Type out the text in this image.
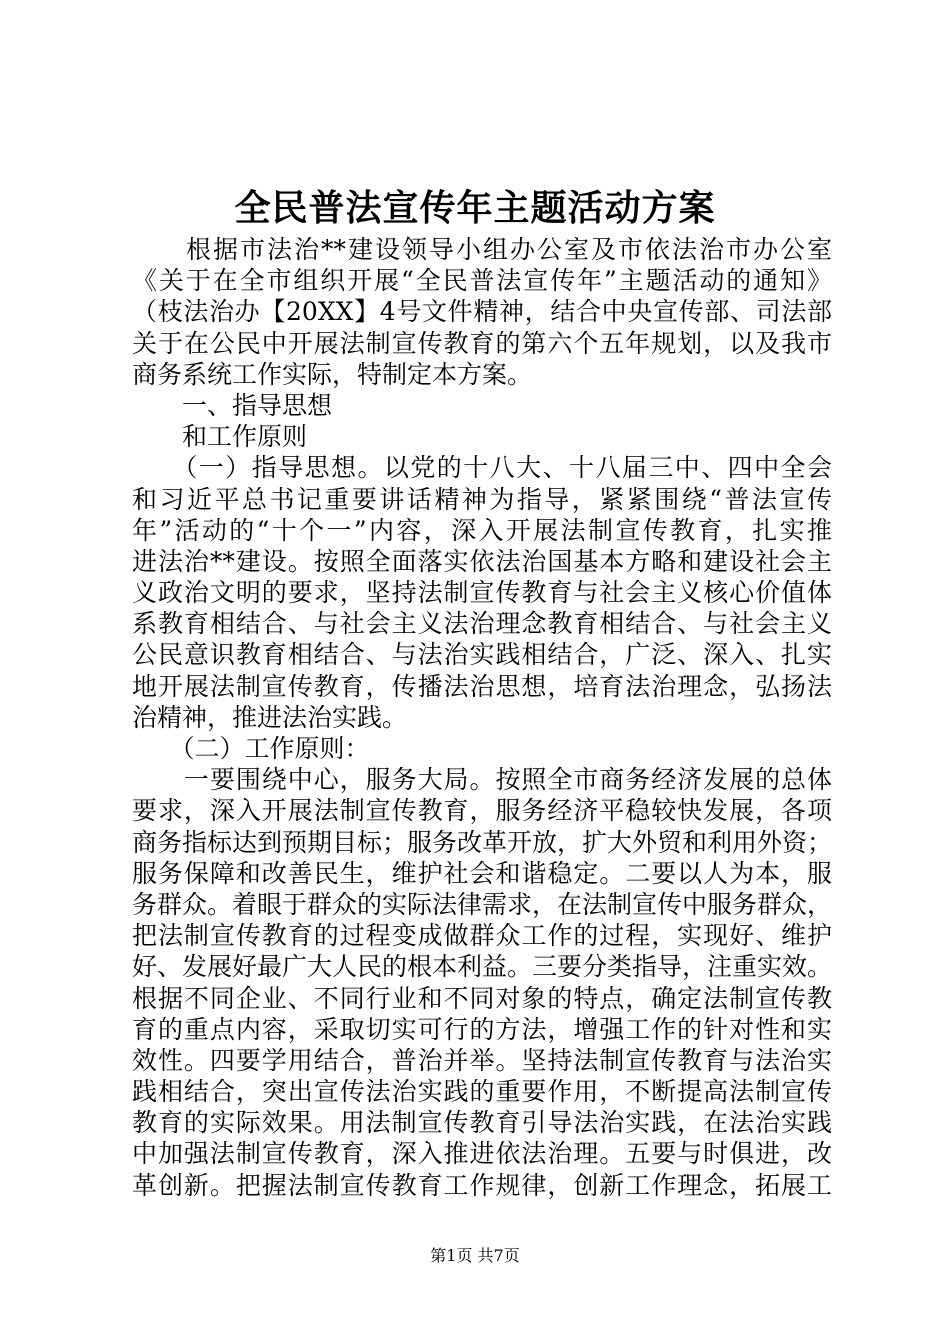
全民普法宣传年主题活动方案
　　根据市法治**建设领导小组办公室及市依法治市办公室
《关于在全市组织开展“全民普法宣传年”主题活动的通知》
（枝法治办【20XX】4号文件精神，结合中央宣传部、司法部
关于在公民中开展法制宣传教育的第六个五年规划，以及我市
商务系统工作实际，特制定本方案。
　　一、指导思想
　　和工作原则
　　（一）指导思想。以党的十八大、十八届三中、四中全会
和习近平总书记重要讲话精神为指导，紧紧围绕“普法宣传
年”活动的“十个一”内容，深入开展法制宣传教育，扎实推
进法治**建设。按照全面落实依法治国基本方略和建设社会主
义政治文明的要求，坚持法制宣传教育与社会主义核心价值体
系教育相结合、与社会主义法治理念教育相结合、与社会主义
公民意识教育相结合、与法治实践相结合，广泛、深入、扎实
地开展法制宣传教育，传播法治思想，培育法治理念，弘扬法
治精神，推进法治实践。
　　（二）工作原则：
　　一要围绕中心，服务大局。按照全市商务经济发展的总体
要求，深入开展法制宣传教育，服务经济平稳较快发展，各项
商务指标达到预期目标；服务改革开放，扩大外贸和利用外资；
服务保障和改善民生，维护社会和谐稳定。二要以人为本，服
务群众。着眼于群众的实际法律需求，在法制宣传中服务群众，
把法制宣传教育的过程变成做群众工作的过程，实现好、维护
好、发展好最广大人民的根本利益。三要分类指导，注重实效。
根据不同企业、不同行业和不同对象的特点，确定法制宣传教
育的重点内容，采取切实可行的方法，增强工作的针对性和实
效性。四要学用结合，普治并举。坚持法制宣传教育与法治实
践相结合，突出宣传法治实践的重要作用，不断提高法制宣传
教育的实际效果。用法制宣传教育引导法治实践，在法治实践
中加强法制宣传教育，深入推进依法治理。五要与时俱进，改
革创新。把握法制宣传教育工作规律，创新工作理念，拓展工
第1页 共7页
